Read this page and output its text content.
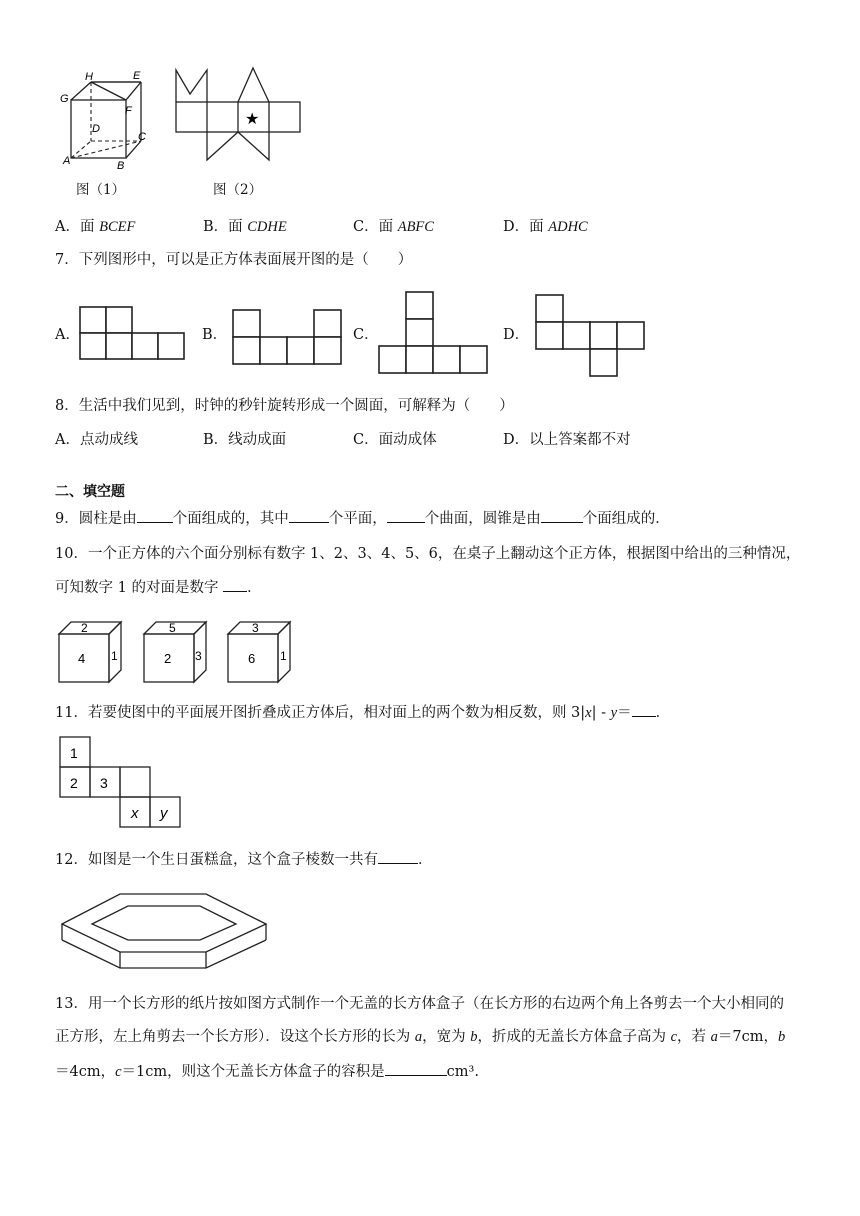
H	E
G
F
D
C
A	B
★
图（1）	图（2）
A．面 BCEF	B．面 CDHE	C．面 ABFC	D．面 ADHC
7．下列图形中，可以是正方体表面展开图的是（　　）
A．	B．	C．	D．
8．生活中我们见到，时钟的秒针旋转形成一个圆面，可解释为（　　）
A．点动成线	B．线动成面	C．面动成体	D．以上答案都不对
二、填空题
9．圆柱是由 个面组成的，其中	个平面，	个曲面，圆锥是由	个面组成的．
10．一个正方体的六个面分别标有数字 1、2、3、4、5、6，在桌子上翻动这个正方体，根据图中给出的三种情况，
可知数字 1 的对面是数字 ．
2
4 1
5
2 3
3
6 1
11．若要使图中的平面展开图折叠成正方体后，相对面上的两个数为相反数，则 3|x| - y＝ ．
1
2 3
x y
12．如图是一个生日蛋糕盒，这个盒子棱数一共有	．
13．用一个长方形的纸片按如图方式制作一个无盖的长方体盒子（在长方形的右边两个角上各剪去一个大小相同的
正方形，左上角剪去一个长方形）．设这个长方形的长为 a，宽为 b，折成的无盖长方体盒子高为 c，若 a＝7cm，b
＝4cm，c＝1cm，则这个无盖长方体盒子的容积是	cm³.
